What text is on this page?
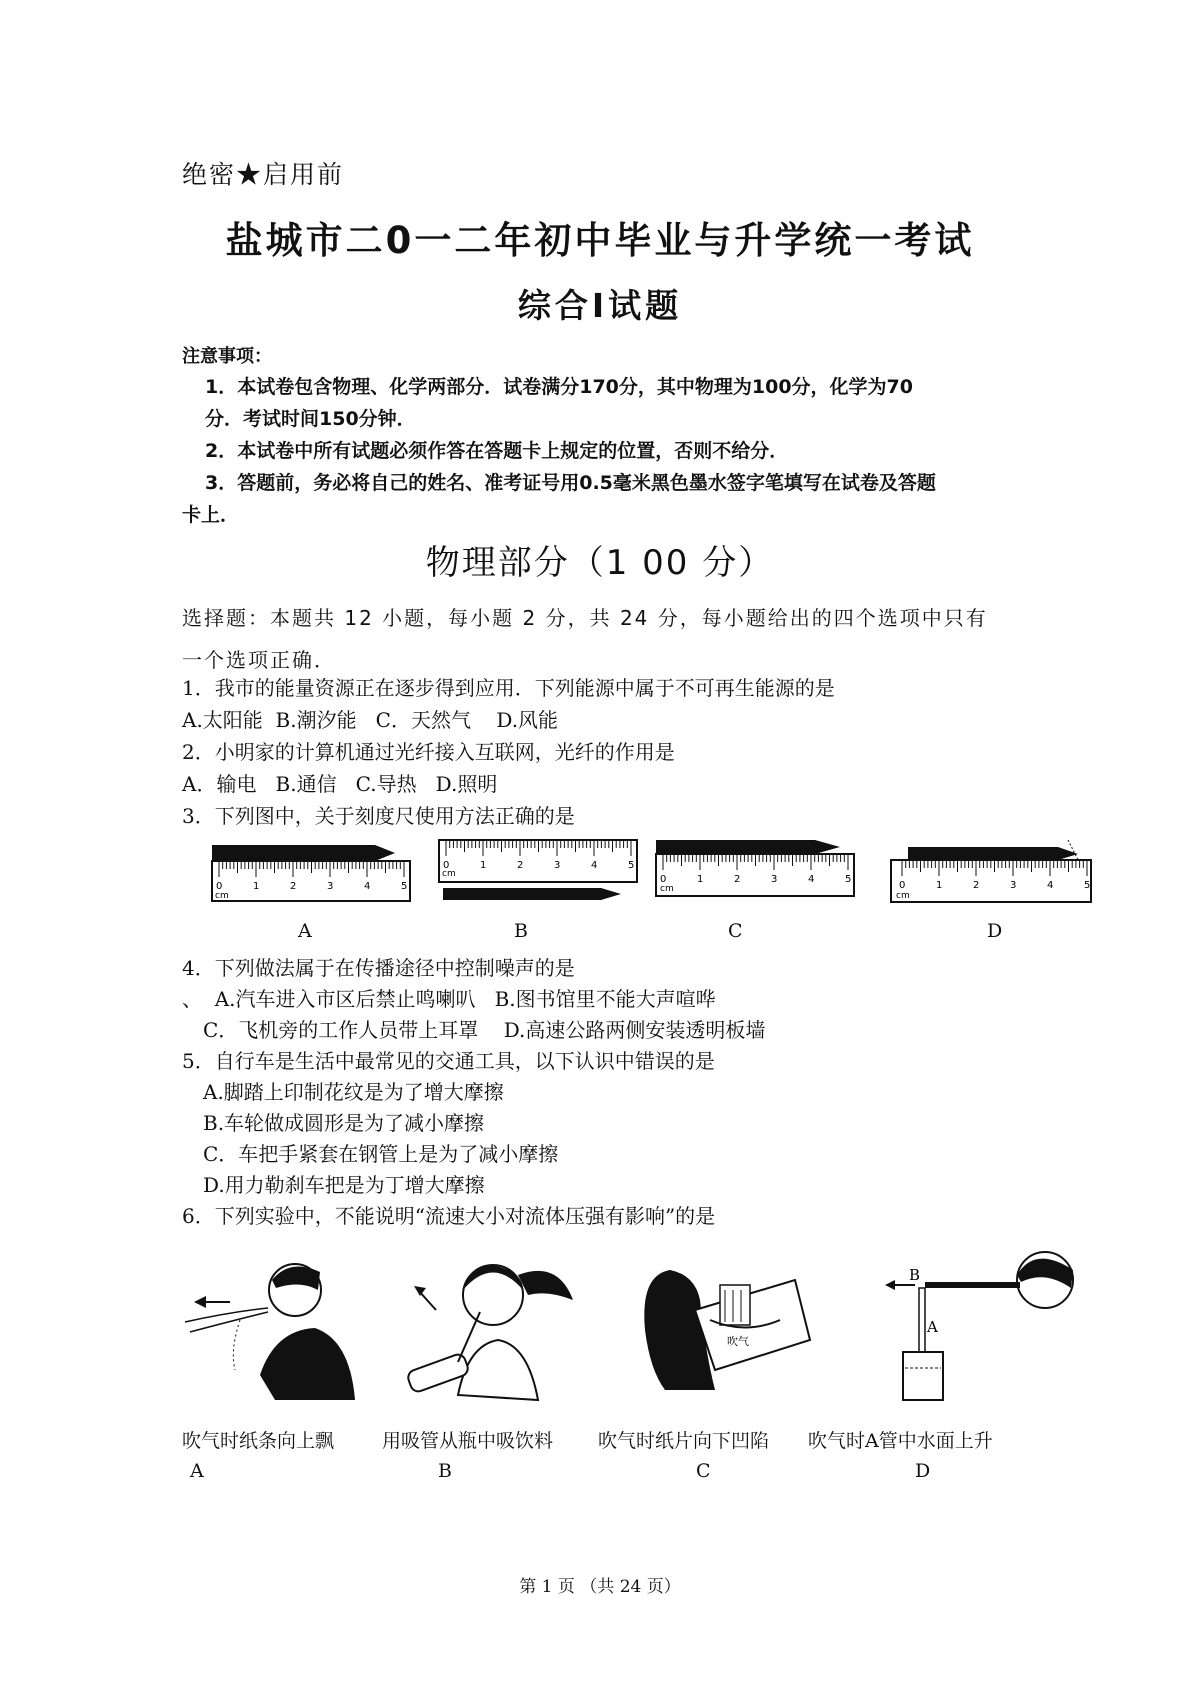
绝密★启用前
盐城市二0一二年初中毕业与升学统一考试
综合Ⅰ试题
注意事项：
1．本试卷包含物理、化学两部分．试卷满分170分，其中物理为100分，化学为70
分．考试时间150分钟．
2．本试卷中所有试题必须作答在答题卡上规定的位置，否则不给分．
3．答题前，务必将自己的姓名、准考证号用0.5毫米黑色墨水签字笔填写在试卷及答题
卡上．
物理部分（1 00 分）
选择题：本题共 12 小题，每小题 2 分，共 24 分，每小题给出的四个选项中只有
一个选项正确．
1．我市的能量资源正在逐步得到应用．下列能源中属于不可再生能源的是
A.太阳能  B.潮汐能   C．天然气    D.风能
2．小明家的计算机通过光纤接入互联网，光纤的作用是
A．输电   B.通信   C.导热   D.照明
3．下列图中，关于刻度尺使用方法正确的是
1	2	3	4	5
0
cm
1	2	3	4	5
0
cm	1	2	3	4	5
0
cm	1	2	3	4	5
0
cm
A	B	C	D
4．下列做法属于在传播途径中控制噪声的是
、  A.汽车进入市区后禁止鸣喇叭   B.图书馆里不能大声喧哗
C．飞机旁的工作人员带上耳罩    D.高速公路两侧安装透明板墙
5．自行车是生活中最常见的交通工具，以下认识中错误的是
A.脚踏上印制花纹是为了增大摩擦
B.车轮做成圆形是为了减小摩擦
C．车把手紧套在钢管上是为了减小摩擦
D.用力勒刹车把是为丁增大摩擦
6．下列实验中，不能说明“流速大小对流体压强有影响”的是
吹气
B
A
吹气时纸条向上飘	用吸管从瓶中吸饮料 吹气时纸片向下凹陷 吹气时A管中水面上升
A	B	C	D
第 1 页 （共 24 页）
